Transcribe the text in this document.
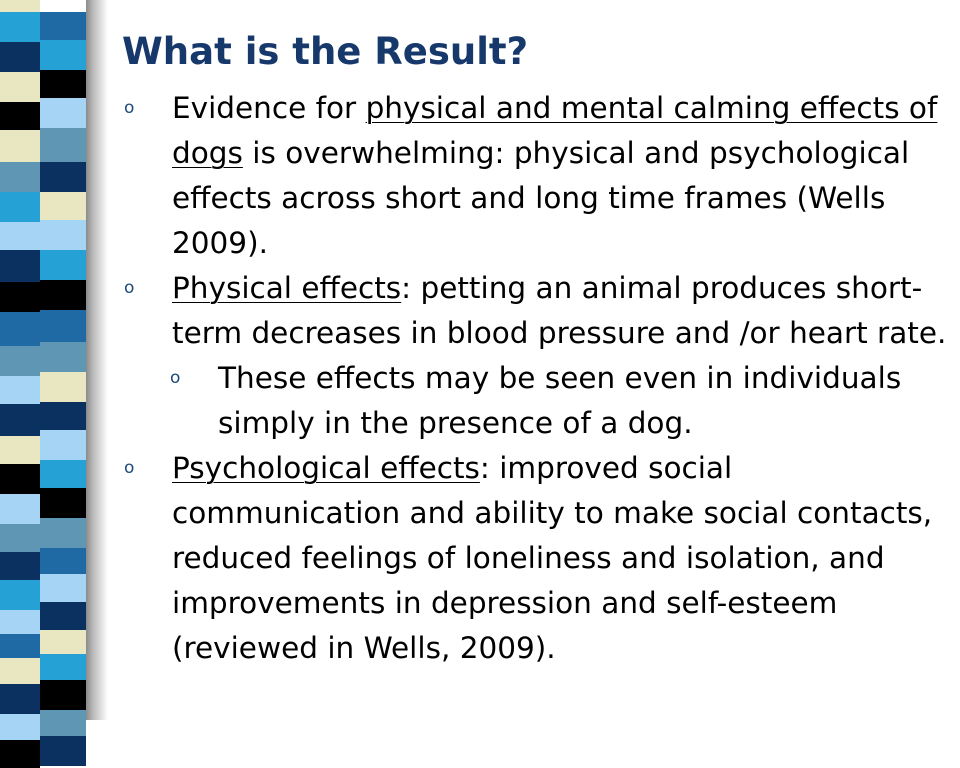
What is the Result?
o Evidence for physical and mental calming effects of dogs is overwhelming: physical and psychological effects across short and long time frames (Wells 2009).
o Physical effects: petting an animal produces short-term decreases in blood pressure and /or heart rate.
o These effects may be seen even in individuals simply in the presence of a dog.
o Psychological effects: improved social communication and ability to make social contacts, reduced feelings of loneliness and isolation, and improvements in depression and self-esteem (reviewed in Wells, 2009).
